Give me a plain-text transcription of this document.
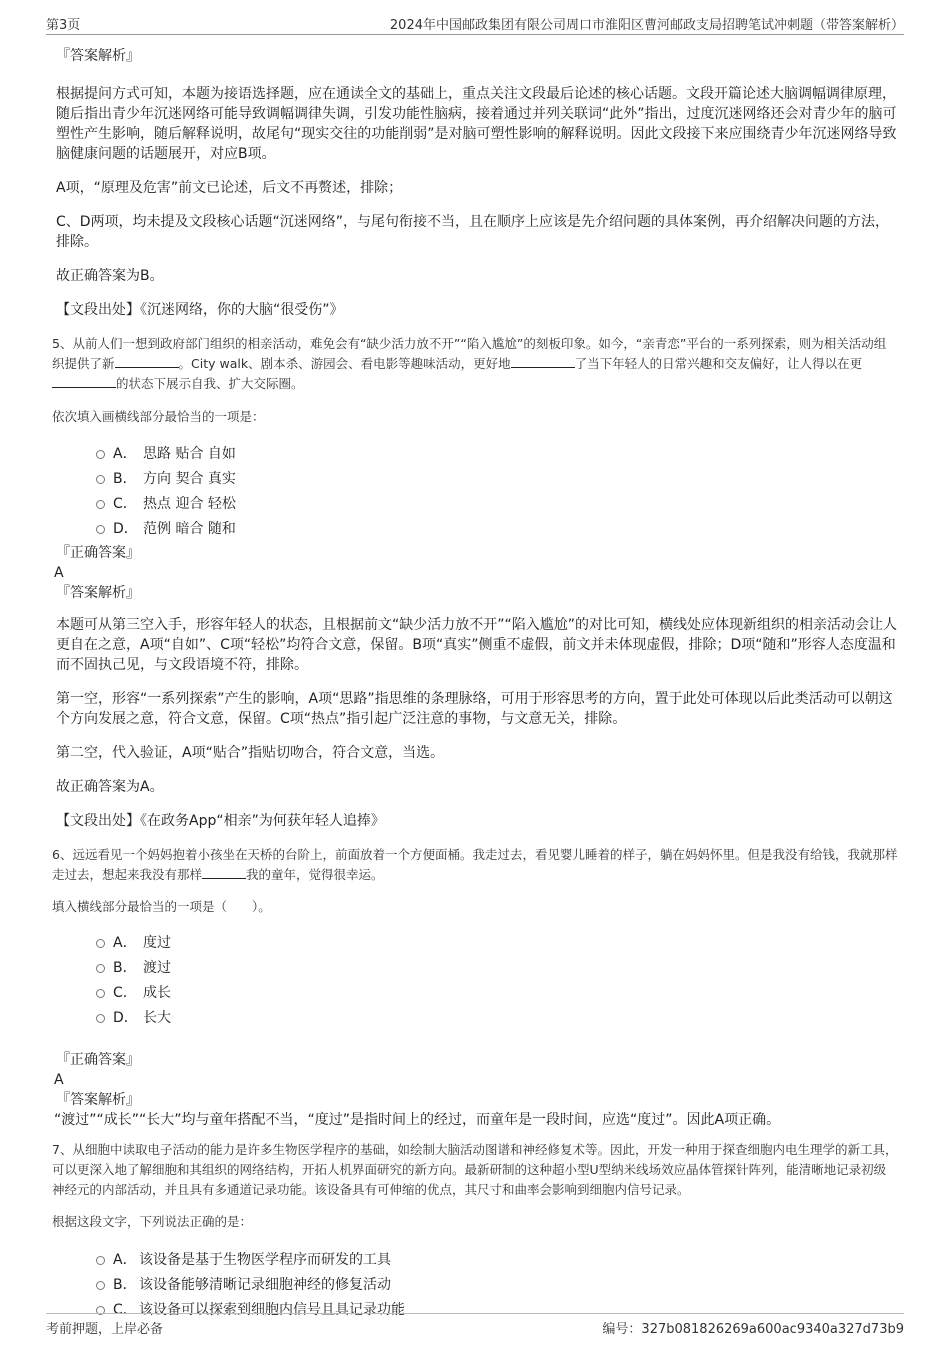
第3页	2024年中国邮政集团有限公司周口市淮阳区曹河邮政支局招聘笔试冲刺题（带答案解析）
『答案解析』

根据提问方式可知，本题为接语选择题，应在通读全文的基础上，重点关注文段最后论述的核心话题。文段开篇论述大脑调幅调律原理，随后指出青少年沉迷网络可能导致调幅调律失调，引发功能性脑病，接着通过并列关联词“此外”指出，过度沉迷网络还会对青少年的脑可塑性产生影响，随后解释说明，故尾句“现实交往的功能削弱”是对脑可塑性影响的解释说明。因此文段接下来应围绕青少年沉迷网络导致脑健康问题的话题展开，对应B项。

A项，“原理及危害”前文已论述，后文不再赘述，排除；

C、D两项，均未提及文段核心话题“沉迷网络”，与尾句衔接不当，且在顺序上应该是先介绍问题的具体案例，再介绍解决问题的方法，排除。

故正确答案为B。

【文段出处】《沉迷网络，你的大脑“很受伤”》

5、从前人们一想到政府部门组织的相亲活动，难免会有“缺少活力放不开”“陷入尴尬”的刻板印象。如今，“亲青恋”平台的一系列探索，则为相关活动组织提供了新	。City walk、剧本杀、游园会、看电影等趣味活动，更好地	了当下年轻人的日常兴趣和交友偏好，让人得以在更的状态下展示自我、扩大交际圈。

依次填入画横线部分最恰当的一项是：

A． 思路 贴合 自如
B． 方向 契合 真实
C． 热点 迎合 轻松
D． 范例 暗合 随和
『正确答案』
A
『答案解析』

本题可从第三空入手，形容年轻人的状态，且根据前文“缺少活力放不开”“陷入尴尬”的对比可知，横线处应体现新组织的相亲活动会让人更自在之意，A项“自如”、C项“轻松”均符合文意，保留。B项“真实”侧重不虚假，前文并未体现虚假，排除；D项“随和”形容人态度温和而不固执己见，与文段语境不符，排除。

第一空，形容“一系列探索”产生的影响，A项“思路”指思维的条理脉络，可用于形容思考的方向，置于此处可体现以后此类活动可以朝这个方向发展之意，符合文意，保留。C项“热点”指引起广泛注意的事物，与文意无关，排除。

第二空，代入验证，A项“贴合”指贴切吻合，符合文意，当选。

故正确答案为A。

【文段出处】《在政务App“相亲”为何获年轻人追捧》

6、远远看见一个妈妈抱着小孩坐在天桥的台阶上，前面放着一个方便面桶。我走过去，看见婴儿睡着的样子，躺在妈妈怀里。但是我没有给钱，我就那样走过去，想起来我没有那样	我的童年，觉得很幸运。

填入横线部分最恰当的一项是（　　）。

A． 度过
B． 渡过
C． 成长
D． 长大
『正确答案』
A
『答案解析』

“渡过”“成长”“长大”均与童年搭配不当，“度过”是指时间上的经过，而童年是一段时间，应选“度过”。因此A项正确。

7、从细胞中读取电子活动的能力是许多生物医学程序的基础，如绘制大脑活动图谱和神经修复术等。因此，开发一种用于探查细胞内电生理学的新工具，可以更深入地了解细胞和其组织的网络结构，开拓人机界面研究的新方向。最新研制的这种超小型U型纳米线场效应晶体管探针阵列，能清晰地记录初级神经元的内部活动，并且具有多通道记录功能。该设备具有可伸缩的优点，其尺寸和曲率会影响到细胞内信号记录。

根据这段文字，下列说法正确的是：

A． 该设备是基于生物医学程序而研发的工具
B． 该设备能够清晰记录细胞神经的修复活动
C． 该设备可以探索到细胞内信号且具记录功能
考前押题，上岸必备	编号：327b081826269a600ac9340a327d73b9
